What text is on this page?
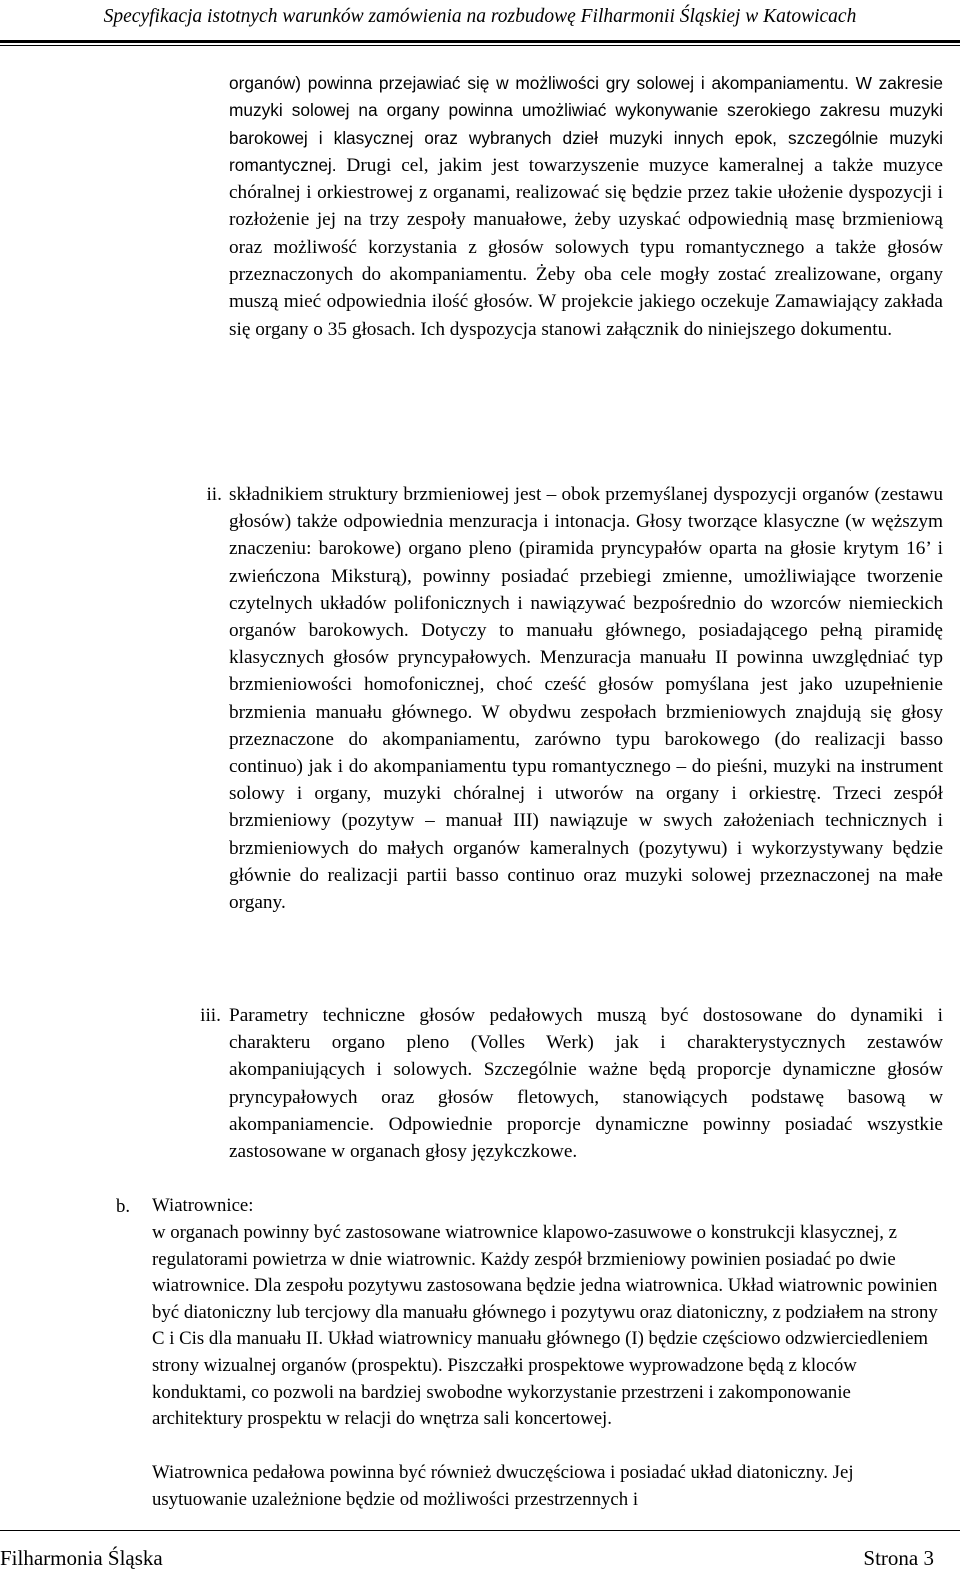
Specyfikacja istotnych warunków zamówienia na rozbudowę Filharmonii Śląskiej w Katowicach

organów) powinna przejawiać się w możliwości gry solowej i akompaniamentu. W zakresie muzyki solowej na organy powinna umożliwiać wykonywanie szerokiego zakresu muzyki barokowej i klasycznej oraz wybranych dzieł muzyki innych epok, szczególnie muzyki romantycznej. Drugi cel, jakim jest towarzyszenie muzyce kameralnej a także muzyce chóralnej i orkiestrowej z organami, realizować się będzie przez takie ułożenie dyspozycji i rozłożenie jej na trzy zespoły manuałowe, żeby uzyskać odpowiednią masę brzmieniową oraz możliwość korzystania z głosów solowych typu romantycznego a także głosów przeznaczonych do akompaniamentu. Żeby oba cele mogły zostać zrealizowane, organy muszą mieć odpowiednia ilość głosów. W projekcie jakiego oczekuje Zamawiający zakłada się organy o 35 głosach. Ich dyspozycja stanowi załącznik do niniejszego dokumentu.

ii. składnikiem struktury brzmieniowej jest – obok przemyślanej dyspozycji organów (zestawu głosów) także odpowiednia menzuracja i intonacja. Głosy tworzące klasyczne (w węższym znaczeniu: barokowe) organo pleno (piramida pryncypałów oparta na głosie krytym 16’ i zwieńczona Miksturą), powinny posiadać przebiegi zmienne, umożliwiające tworzenie czytelnych układów polifonicznych i nawiązywać bezpośrednio do wzorców niemieckich organów barokowych. Dotyczy to manuału głównego, posiadającego pełną piramidę klasycznych głosów pryncypałowych. Menzuracja manuału II powinna uwzględniać typ brzmieniowości homofonicznej, choć cześć głosów pomyślana jest jako uzupełnienie brzmienia manuału głównego. W obydwu zespołach brzmieniowych znajdują się głosy przeznaczone do akompaniamentu, zarówno typu barokowego (do realizacji basso continuo) jak i do akompaniamentu typu romantycznego – do pieśni, muzyki na instrument solowy i organy, muzyki chóralnej i utworów na organy i orkiestrę. Trzeci zespół brzmieniowy (pozytyw – manuał III) nawiązuje w swych założeniach technicznych i brzmieniowych do małych organów kameralnych (pozytywu) i wykorzystywany będzie głównie do realizacji partii basso continuo oraz muzyki solowej przeznaczonej na małe organy.

iii. Parametry techniczne głosów pedałowych muszą być dostosowane do dynamiki i charakteru organo pleno (Volles Werk) jak i charakterystycznych zestawów akompaniujących i solowych. Szczególnie ważne będą proporcje dynamiczne głosów pryncypałowych oraz głosów fletowych, stanowiących podstawę basową w akompaniamencie. Odpowiednie proporcje dynamiczne powinny posiadać wszystkie zastosowane w organach głosy językczkowe.

b.	Wiatrownice:

w organach powinny być zastosowane wiatrownice klapowo-zasuwowe o konstrukcji klasycznej, z regulatorami powietrza w dnie wiatrownic. Każdy zespół brzmieniowy powinien posiadać po dwie wiatrownice. Dla zespołu pozytywu zastosowana będzie jedna wiatrownica. Układ wiatrownic powinien być diatoniczny lub tercjowy dla manuału głównego i pozytywu oraz diatoniczny, z podziałem na strony C i Cis dla manuału II. Układ wiatrownicy manuału głównego (I) będzie częściowo odzwierciedleniem strony wizualnej organów (prospektu). Piszczałki prospektowe wyprowadzone będą z kloców konduktami, co pozwoli na bardziej swobodne wykorzystanie przestrzeni i zakomponowanie architektury prospektu w relacji do wnętrza sali koncertowej.

Wiatrownica pedałowa powinna być również dwuczęściowa i posiadać układ diatoniczny. Jej usytuowanie uzależnione będzie od możliwości przestrzennych i

Filharmonia Śląska	Strona 3
